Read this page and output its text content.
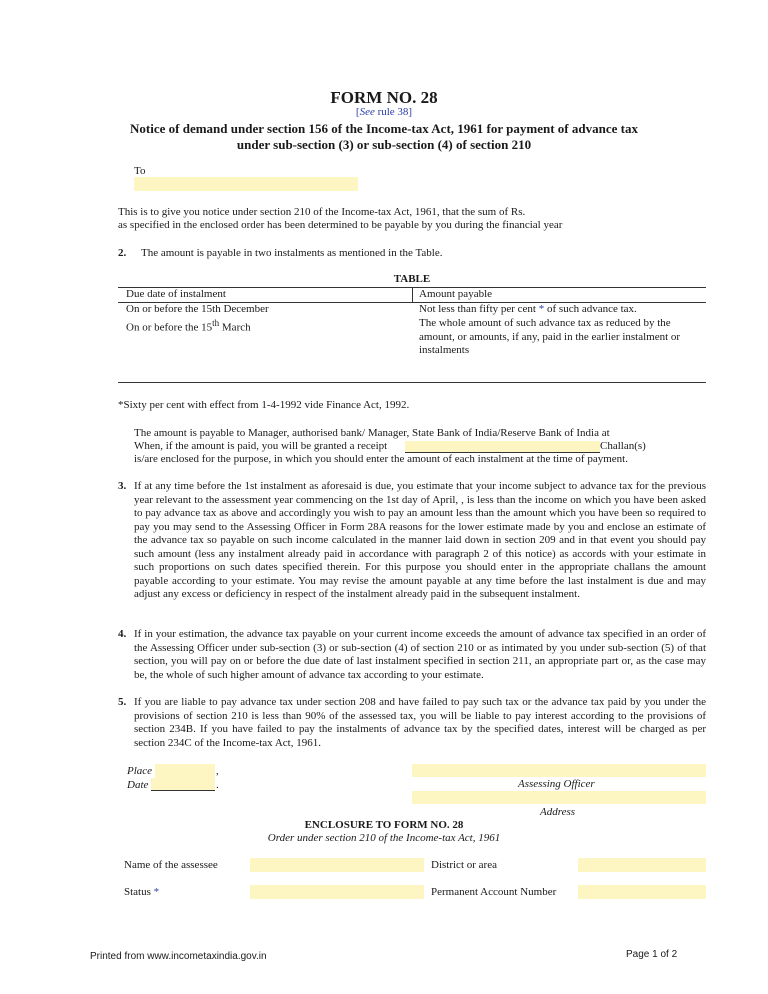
FORM NO. 28
[See rule 38]
Notice of demand under section 156 of the Income-tax Act, 1961 for payment of advance tax under sub-section (3) or sub-section (4) of section 210
To
This is to give you notice under section 210 of the Income-tax Act, 1961, that the sum of Rs.
as specified in the enclosed order has been determined to be payable by you during the financial year
2. The amount is payable in two instalments as mentioned in the Table.
TABLE
Due date of instalment	Amount payable
On or before the 15th December	Not less than fifty per cent * of such advance tax.
On or before the 15th March	The whole amount of such advance tax as reduced by the amount, or amounts, if any, paid in the earlier instalment or instalments
*Sixty per cent with effect from 1-4-1992 vide Finance Act, 1992.
The amount is payable to Manager, authorised bank/ Manager, State Bank of India/Reserve Bank of India at
When, if the amount is paid, you will be granted a receipt	Challan(s)
is/are enclosed for the purpose, in which you should enter the amount of each instalment at the time of payment.
3. If at any time before the 1st instalment as aforesaid is due, you estimate that your income subject to advance tax for the previous year relevant to the assessment year commencing on the 1st day of April, , is less than the income on which you have been asked to pay advance tax as above and accordingly you wish to pay an amount less than the amount which you have been so required to pay you may send to the Assessing Officer in Form 28A reasons for the lower estimate made by you and enclose an estimate of the advance tax so payable on such income calculated in the manner laid down in section 209 and in that event you should pay such amount (less any instalment already paid in accordance with paragraph 2 of this notice) as accords with your estimate in such proportions on such dates specified therein. For this purpose you should enter in the appropriate challans the amount payable according to your estimate. You may revise the amount payable at any time before the last instalment is due and may adjust any excess or deficiency in respect of the instalment already paid in the subsequent instalment.
4. If in your estimation, the advance tax payable on your current income exceeds the amount of advance tax specified in an order of the Assessing Officer under sub-section (3) or sub-section (4) of section 210 or as intimated by you under sub-section (5) of that section, you will pay on or before the due date of last instalment specified in section 211, an appropriate part or, as the case may be, the whole of such higher amount of advance tax according to your estimate.
5. If you are liable to pay advance tax under section 208 and have failed to pay such tax or the advance tax paid by you under the provisions of section 210 is less than 90% of the assessed tax, you will be liable to pay interest according to the provisions of section 234B. If you have failed to pay the instalments of advance tax by the specified dates, interest will be charged as per section 234C of the Income-tax Act, 1961.
Place	,
Date	.	Assessing Officer
Address
ENCLOSURE TO FORM NO. 28
Order under section 210 of the Income-tax Act, 1961
Name of the assessee	District or area
Status *	Permanent Account Number
Printed from www.incometaxindia.gov.in	Page 1 of 2
